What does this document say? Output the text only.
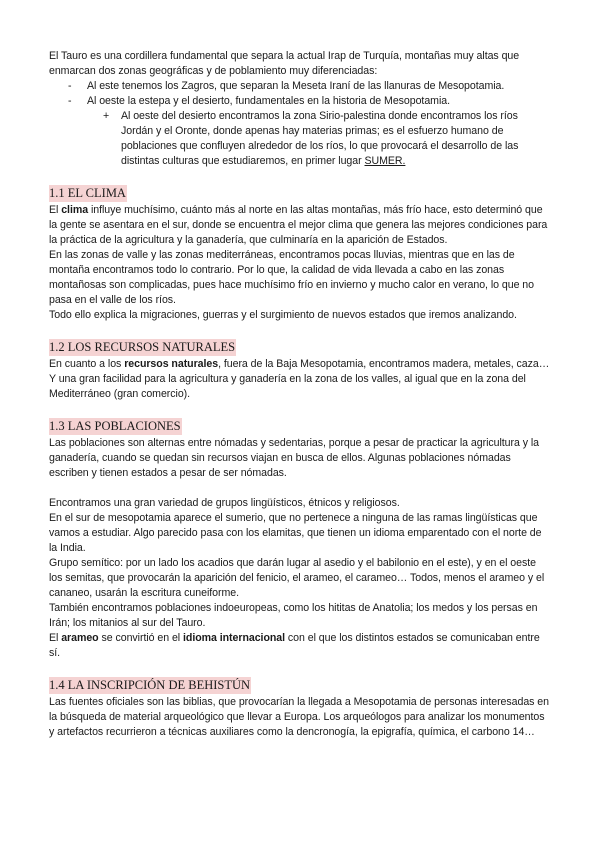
El Tauro es una cordillera fundamental que separa la actual Irap de Turquía, montañas muy altas que enmarcan dos zonas geográficas y de poblamiento muy diferenciadas:

- Al este tenemos los Zagros, que separan la Meseta Iraní de las llanuras de Mesopotamia.
- Al oeste la estepa y el desierto, fundamentales en la historia de Mesopotamia.
+ Al oeste del desierto encontramos la zona Sirio-palestina donde encontramos los ríos Jordán y el Oronte, donde apenas hay materias primas; es el esfuerzo humano de poblaciones que confluyen alrededor de los ríos, lo que provocará el desarrollo de las distintas culturas que estudiaremos, en primer lugar SUMER.
1.1 EL CLIMA

El clima influye muchísimo, cuánto más al norte en las altas montañas, más frío hace, esto determinó que la gente se asentara en el sur, donde se encuentra el mejor clima que genera las mejores condiciones para la práctica de la agricultura y la ganadería, que culminaría en la aparición de Estados.

En las zonas de valle y las zonas mediterráneas, encontramos pocas lluvias, mientras que en las de montaña encontramos todo lo contrario. Por lo que, la calidad de vida llevada a cabo en las zonas montañosas son complicadas, pues hace muchísimo frío en invierno y mucho calor en verano, lo que no pasa en el valle de los ríos.

Todo ello explica la migraciones, guerras y el surgimiento de nuevos estados que iremos analizando.

1.2 LOS RECURSOS NATURALES

En cuanto a los recursos naturales, fuera de la Baja Mesopotamia, encontramos madera, metales, caza… Y una gran facilidad para la agricultura y ganadería en la zona de los valles, al igual que en la zona del Mediterráneo (gran comercio).

1.3 LAS POBLACIONES

Las poblaciones son alternas entre nómadas y sedentarias, porque a pesar de practicar la agricultura y la ganadería, cuando se quedan sin recursos viajan en busca de ellos. Algunas poblaciones nómadas escriben y tienen estados a pesar de ser nómadas.

Encontramos una gran variedad de grupos lingüísticos, étnicos y religiosos.

En el sur de mesopotamia aparece el sumerio, que no pertenece a ninguna de las ramas lingüísticas que vamos a estudiar. Algo parecido pasa con los elamitas, que tienen un idioma emparentado con el norte de la India.

Grupo semítico: por un lado los acadios que darán lugar al asedio y el babilonio en el este), y en el oeste los semitas, que provocarán la aparición del fenicio, el arameo, el carameo… Todos, menos el arameo y el cananeo, usarán la escritura cuneiforme.

También encontramos poblaciones indoeuropeas, como los hititas de Anatolia; los medos y los persas en Irán; los mitanios al sur del Tauro.

El arameo se convirtió en el idioma internacional con el que los distintos estados se comunicaban entre sí.

1.4 LA INSCRIPCIÓN DE BEHISTÚN

Las fuentes oficiales son las biblias, que provocarían la llegada a Mesopotamia de personas interesadas en la búsqueda de material arqueológico que llevar a Europa. Los arqueólogos para analizar los monumentos y artefactos recurrieron a técnicas auxiliares como la dencronogía, la epigrafía, química, el carbono 14…
